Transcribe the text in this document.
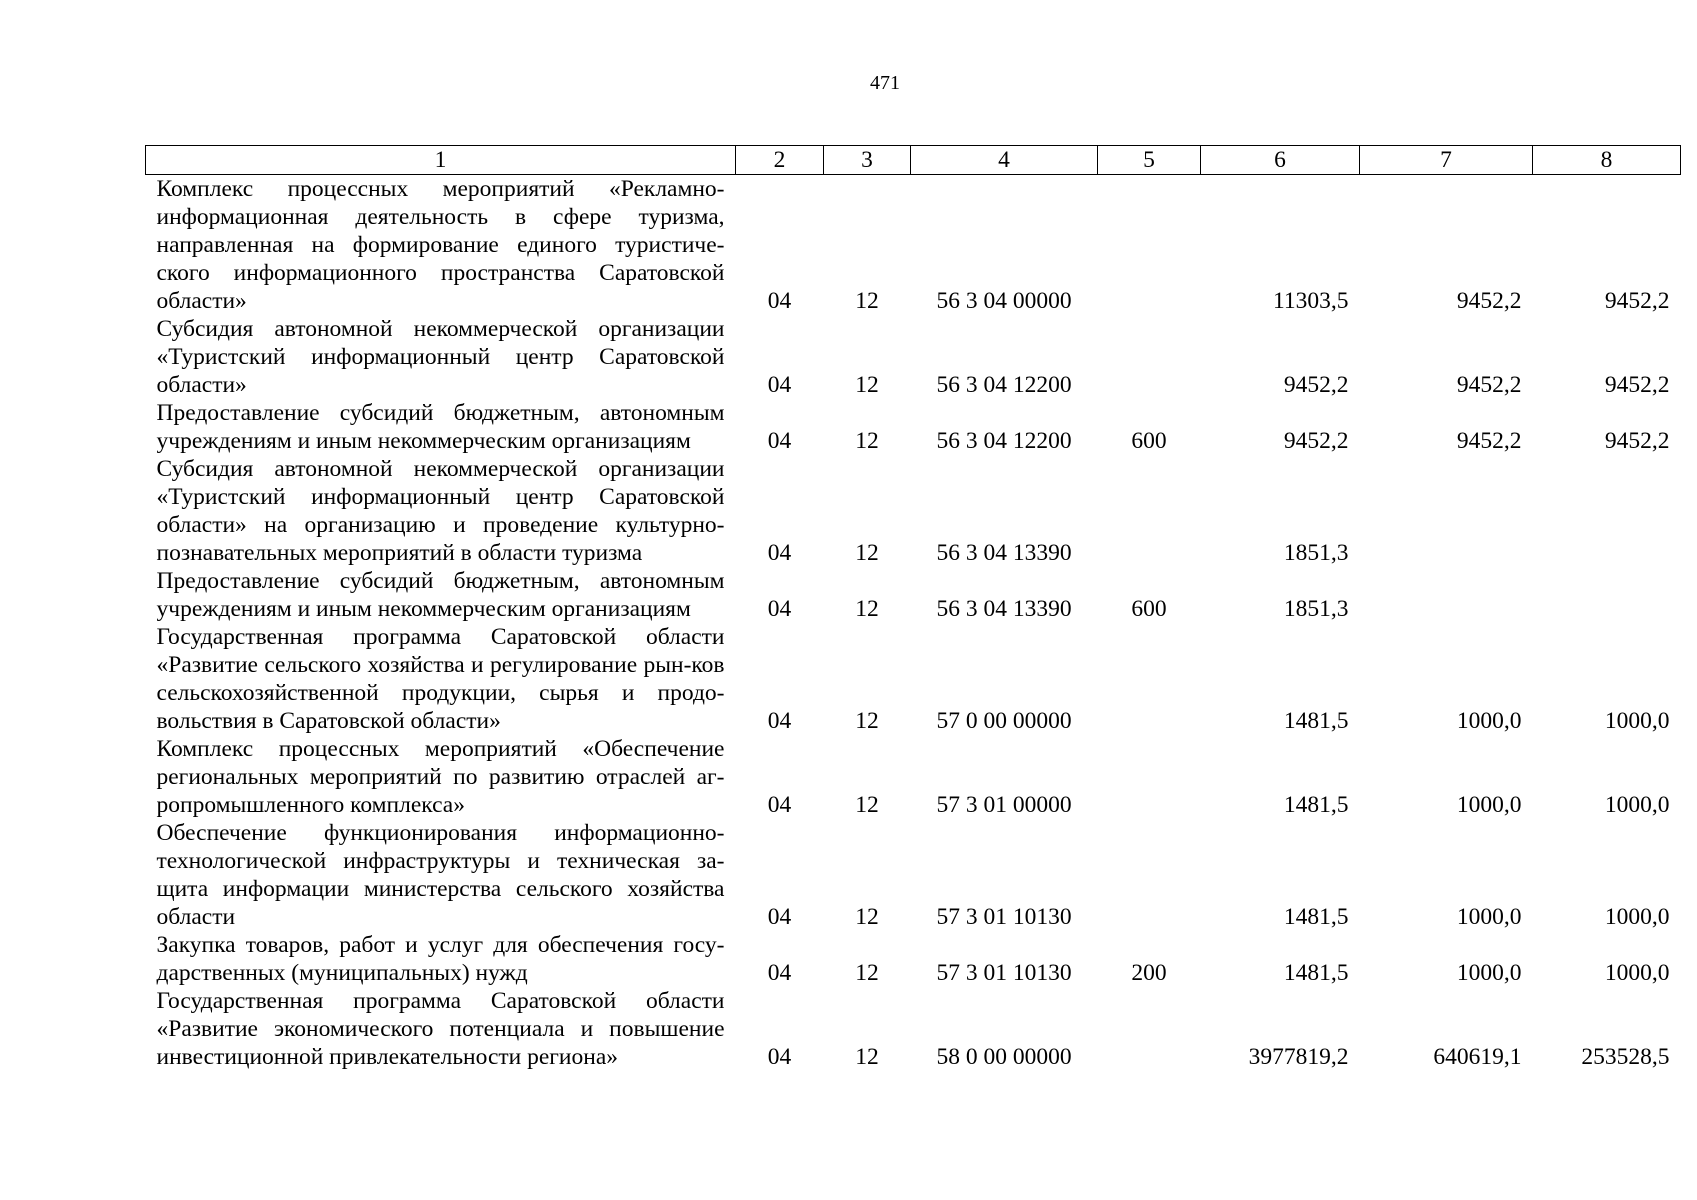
471
1	2	3	4	5	6	7	8
Комплекс процессных мероприятий «Рекламно-информационная деятельность в сфере туризма, направленная на формирование единого туристиче-ского информационного пространства Саратовской области»	04	12	56 3 04 00000		11303,5	9452,2	9452,2
Субсидия автономной некоммерческой организации «Туристский информационный центр Саратовской области»	04	12	56 3 04 12200		9452,2	9452,2	9452,2
Предоставление субсидий бюджетным, автономным учреждениям и иным некоммерческим организациям	04	12	56 3 04 12200	600	9452,2	9452,2	9452,2
Субсидия автономной некоммерческой организации «Туристский информационный центр Саратовской области» на организацию и проведение культурно-познавательных мероприятий в области туризма	04	12	56 3 04 13390		1851,3		
Предоставление субсидий бюджетным, автономным учреждениям и иным некоммерческим организациям	04	12	56 3 04 13390	600	1851,3		
Государственная программа Саратовской области «Развитие сельского хозяйства и регулирование рын-ков сельскохозяйственной продукции, сырья и продо-вольствия в Саратовской области»	04	12	57 0 00 00000		1481,5	1000,0	1000,0
Комплекс процессных мероприятий «Обеспечение региональных мероприятий по развитию отраслей аг-ропромышленного комплекса»	04	12	57 3 01 00000		1481,5	1000,0	1000,0
Обеспечение функционирования информационно-технологической инфраструктуры и техническая за-щита информации министерства сельского хозяйства области	04	12	57 3 01 10130		1481,5	1000,0	1000,0
Закупка товаров, работ и услуг для обеспечения госу-дарственных (муниципальных) нужд	04	12	57 3 01 10130	200	1481,5	1000,0	1000,0
Государственная программа Саратовской области «Развитие экономического потенциала и повышение инвестиционной привлекательности региона»	04	12	58 0 00 00000		3977819,2	640619,1	253528,5
